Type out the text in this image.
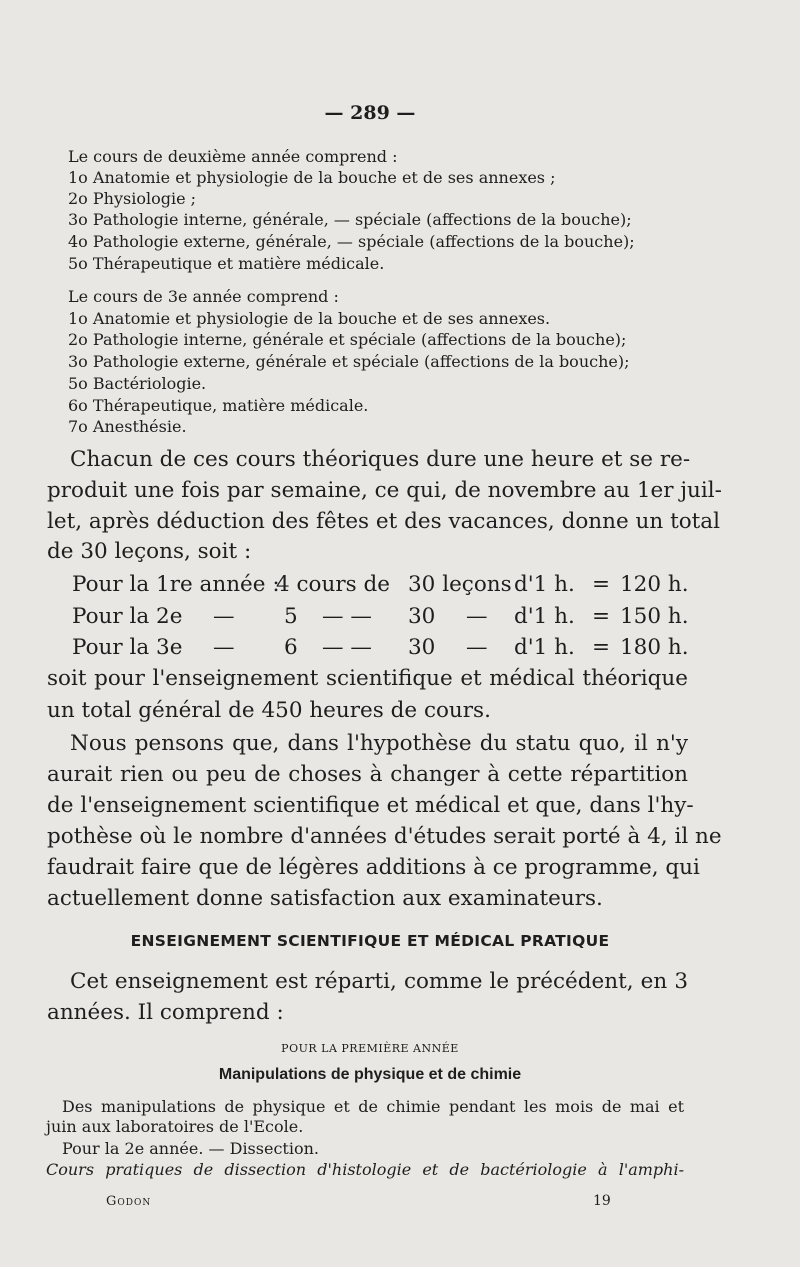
— 289 —
Le cours de deuxième année comprend :
1o Anatomie et physiologie de la bouche et de ses annexes ;
2o Physiologie ;
3o Pathologie interne, générale, — spéciale (affections de la bouche);
4o Pathologie externe, générale, — spéciale (affections de la bouche);
5o Thérapeutique et matière médicale.
Le cours de 3e année comprend :
1o Anatomie et physiologie de la bouche et de ses annexes.
2o Pathologie interne, générale et spéciale (affections de la bouche);
3o Pathologie externe, générale et spéciale (affections de la bouche);
5o Bactériologie.
6o Thérapeutique, matière médicale.
7o Anesthésie.
Chacun de ces cours théoriques dure une heure et se re-
produit une fois par semaine, ce qui, de novembre au 1er juil-
let, après déduction des fêtes et des vacances, donne un total
de 30 leçons, soit :
Pour la 1re année :
4 cours de 30 leçons d'1 h. = 120 h.
Pour la 2e — 5 — — 30 — d'1 h. = 150 h.
Pour la 3e — 6 — — 30 — d'1 h. = 180 h.
soit pour l'enseignement scientifique et médical théorique
un total général de 450 heures de cours.
Nous pensons que, dans l'hypothèse du statu quo, il n'y
aurait rien ou peu de choses à changer à cette répartition
de l'enseignement scientifique et médical et que, dans l'hy-
pothèse où le nombre d'années d'études serait porté à 4, il ne
faudrait faire que de légères additions à ce programme, qui
actuellement donne satisfaction aux examinateurs.
ENSEIGNEMENT SCIENTIFIQUE ET MÉDICAL PRATIQUE
Cet enseignement est réparti, comme le précédent, en 3
années. Il comprend :
POUR LA PREMIÈRE ANNÉE
Manipulations de physique et de chimie
Des manipulations de physique et de chimie pendant les mois de mai et
juin aux laboratoires de l'Ecole.
Pour la 2e année. — Dissection.
Cours pratiques de dissection d'histologie et de bactériologie à l'amphi-
Godon	19
